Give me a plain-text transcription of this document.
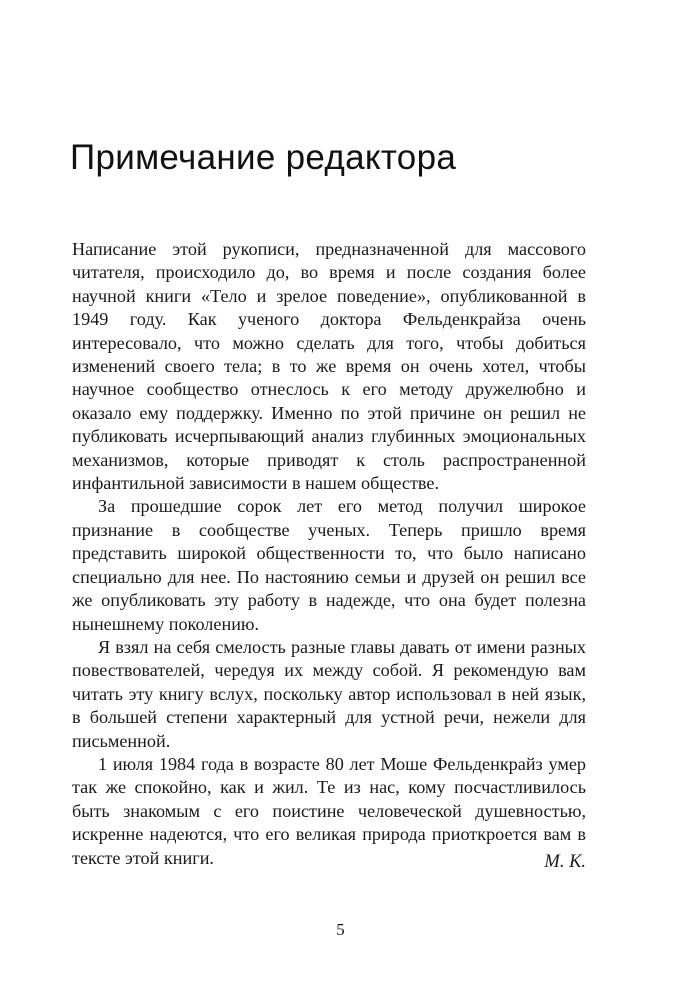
Примечание редактора

Написание этой рукописи, предназначенной для массового читателя, происходило до, во время и после создания более научной книги «Тело и зрелое поведение», опубликованной в 1949 году. Как ученого доктора Фельденкрайза очень интересовало, что можно сделать для того, чтобы добиться изменений своего тела; в то же время он очень хотел, чтобы научное сообщество отнеслось к его методу дружелюбно и оказало ему поддержку. Именно по этой причине он решил не публиковать исчерпывающий анализ глубинных эмоциональных механизмов, которые приводят к столь распространенной инфантильной зависимости в нашем обществе.

За прошедшие сорок лет его метод получил широкое признание в сообществе ученых. Теперь пришло время представить широкой общественности то, что было написано специально для нее. По настоянию семьи и друзей он решил все же опубликовать эту работу в надежде, что она будет полезна нынешнему поколению.

Я взял на себя смелость разные главы давать от имени разных повествователей, чередуя их между собой. Я рекомендую вам читать эту книгу вслух, поскольку автор использовал в ней язык, в большей степени характерный для устной речи, нежели для письменной.

1 июля 1984 года в возрасте 80 лет Моше Фельденкрайз умер так же спокойно, как и жил. Те из нас, кому посчастливилось быть знакомым с его поистине человеческой душевностью, искренне надеются, что его великая природа приоткроется вам в тексте этой книги.	М. К.
5
